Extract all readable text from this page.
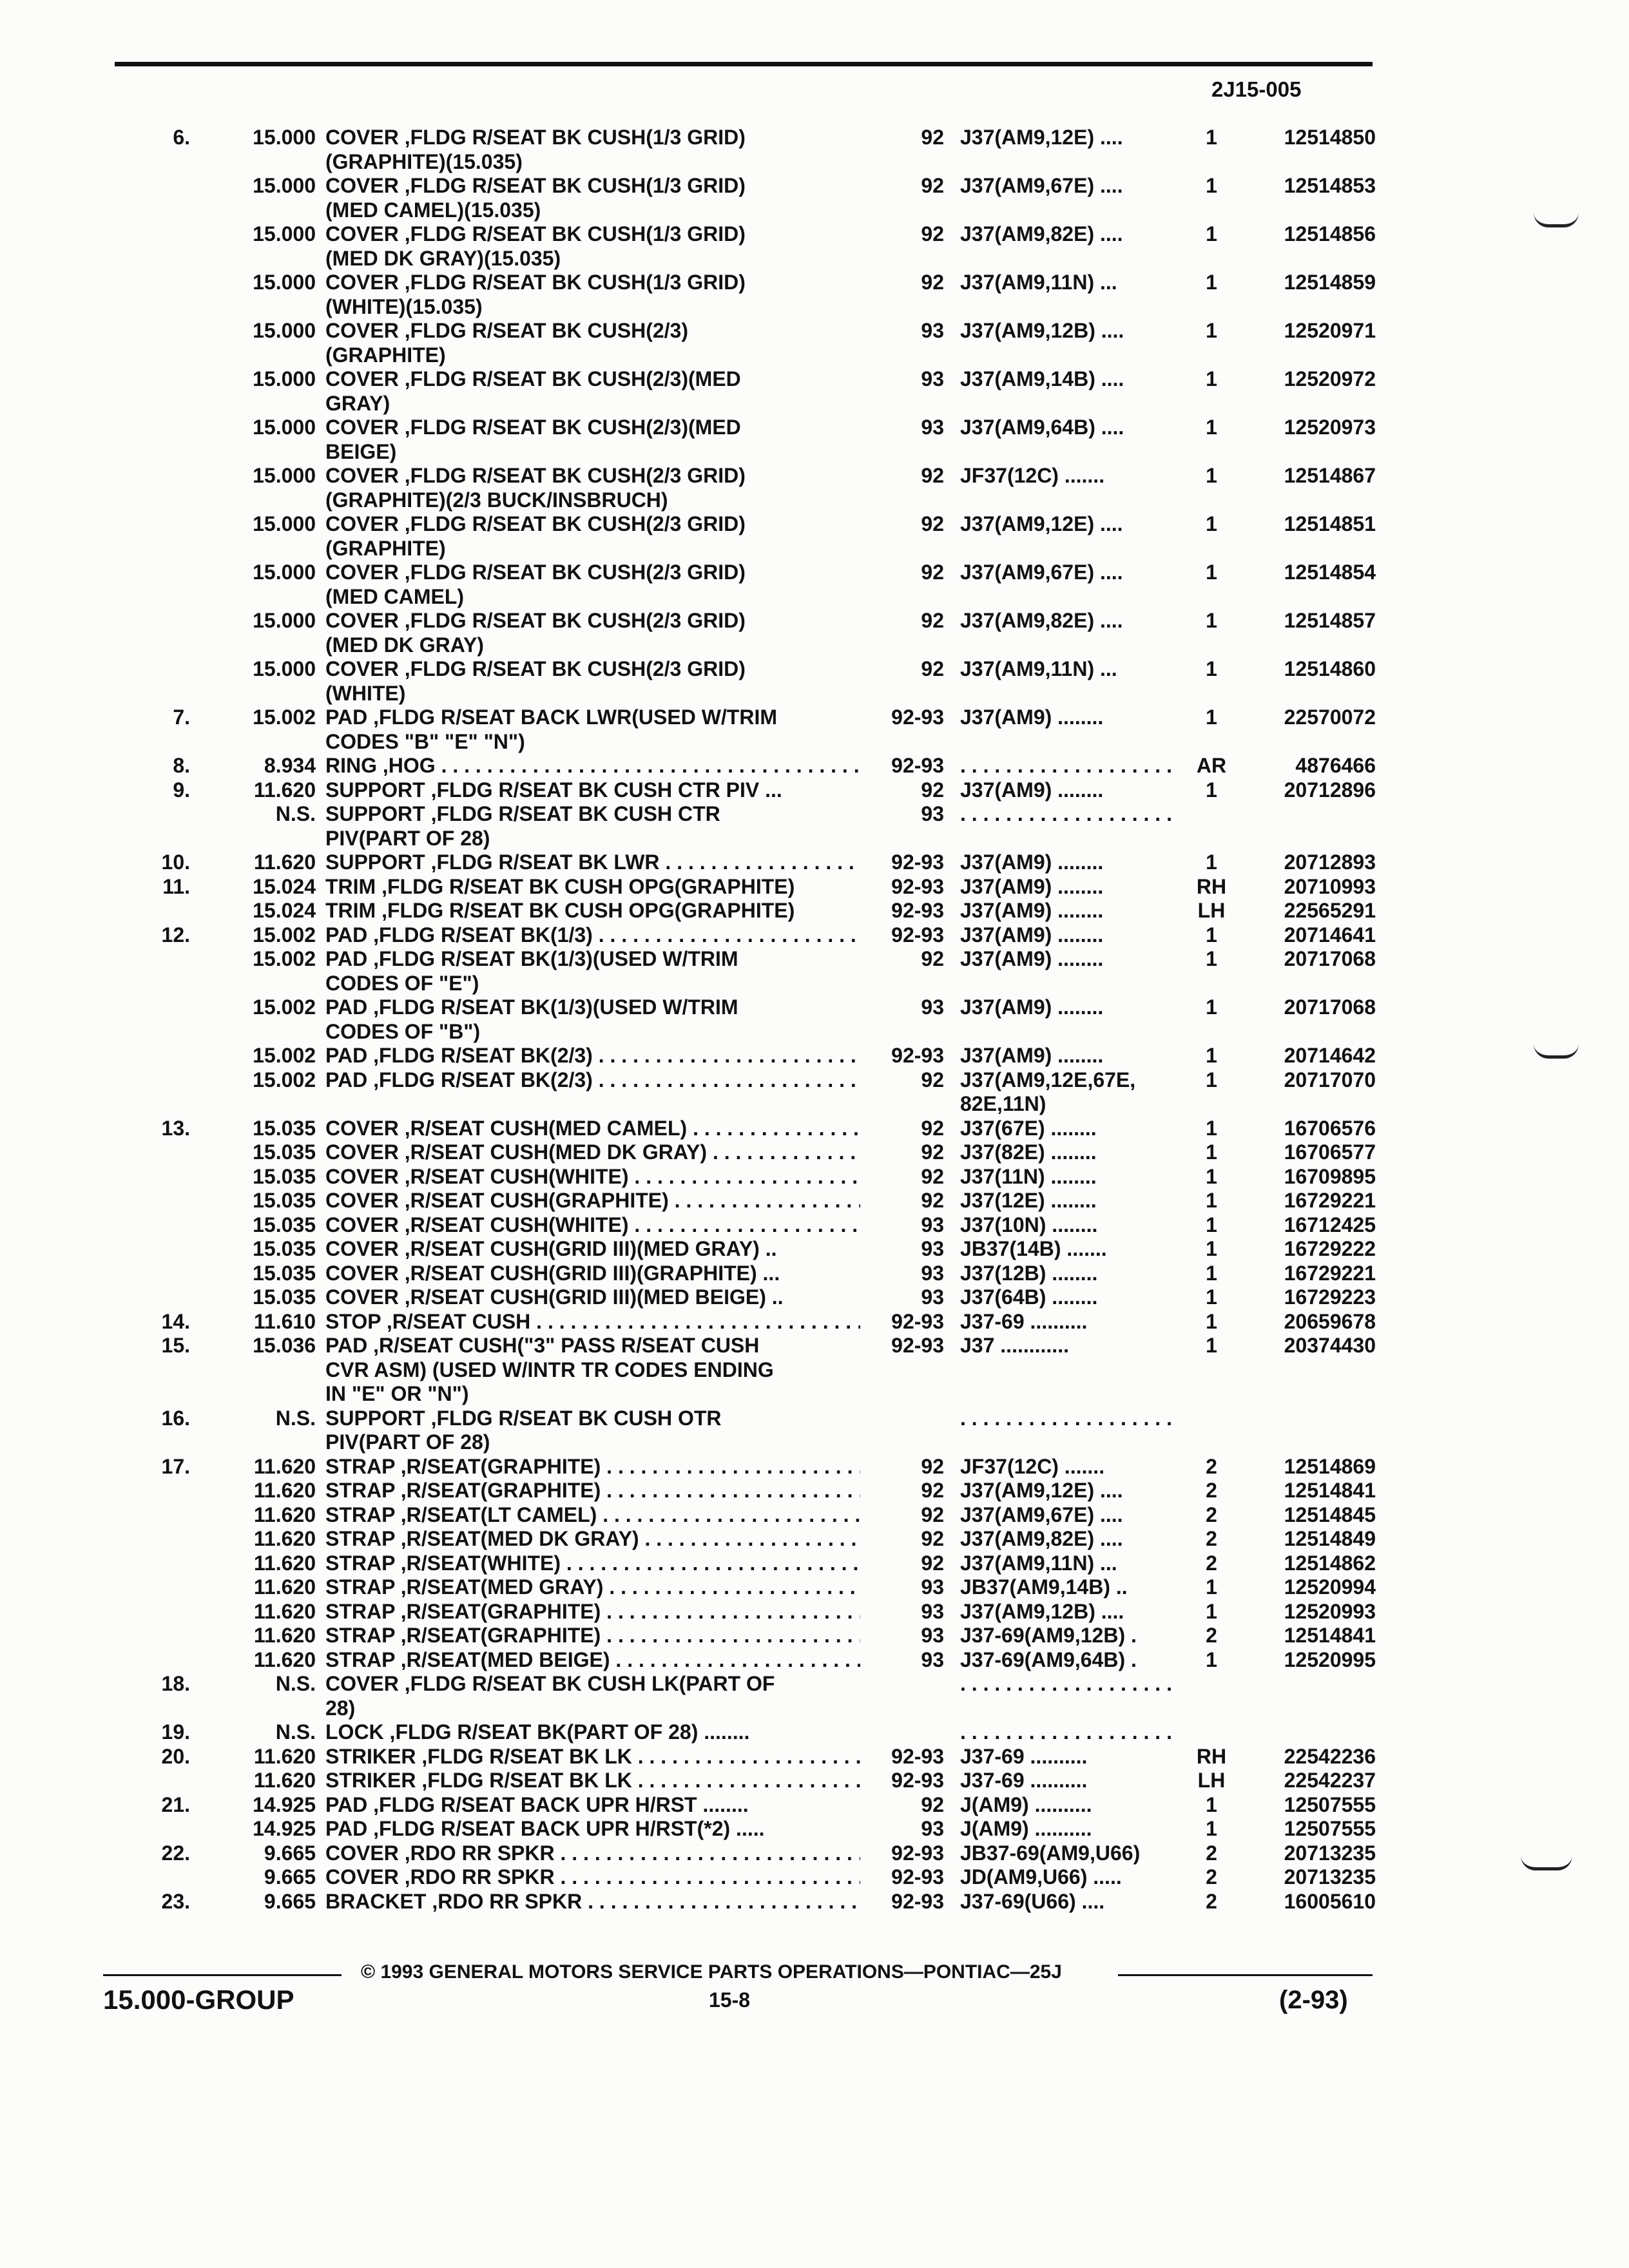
2J15-005
6.	15.000 COVER ,FLDG R/SEAT BK CUSH(1/3 GRID)	92 J37(AM9,12E) ....	1	12514850
(GRAPHITE)(15.035)
15.000 COVER ,FLDG R/SEAT BK CUSH(1/3 GRID)	92 J37(AM9,67E) ....	1	12514853
(MED CAMEL)(15.035)
15.000 COVER ,FLDG R/SEAT BK CUSH(1/3 GRID)	92 J37(AM9,82E) ....	1	12514856
(MED DK GRAY)(15.035)
15.000 COVER ,FLDG R/SEAT BK CUSH(1/3 GRID)	92 J37(AM9,11N) ...	1	12514859
(WHITE)(15.035)
15.000 COVER ,FLDG R/SEAT BK CUSH(2/3)	93 J37(AM9,12B) ....	1	12520971
(GRAPHITE)
15.000 COVER ,FLDG R/SEAT BK CUSH(2/3)(MED	93 J37(AM9,14B) ....	1	12520972
GRAY)
15.000 COVER ,FLDG R/SEAT BK CUSH(2/3)(MED	93 J37(AM9,64B) ....	1	12520973
BEIGE)
15.000 COVER ,FLDG R/SEAT BK CUSH(2/3 GRID)	92 JF37(12C) .......	1	12514867
(GRAPHITE)(2/3 BUCK/INSBRUCH)
15.000 COVER ,FLDG R/SEAT BK CUSH(2/3 GRID)	92 J37(AM9,12E) ....	1	12514851
(GRAPHITE)
15.000 COVER ,FLDG R/SEAT BK CUSH(2/3 GRID)	92 J37(AM9,67E) ....	1	12514854
(MED CAMEL)
15.000 COVER ,FLDG R/SEAT BK CUSH(2/3 GRID)	92 J37(AM9,82E) ....	1	12514857
(MED DK GRAY)
15.000 COVER ,FLDG R/SEAT BK CUSH(2/3 GRID)	92 J37(AM9,11N) ...	1	12514860
(WHITE)
7.	15.002 PAD ,FLDG R/SEAT BACK LWR(USED W/TRIM	92-93 J37(AM9) ........	1	22570072
CODES "B" "E" "N")
8.	8.934 RING ,HOG . . .	92-93
. . .	AR	4876466
9.	11.620 SUPPORT ,FLDG R/SEAT BK CUSH CTR PIV ...	92 J37(AM9) ........	1	20712896
N.S. SUPPORT ,FLDG R/SEAT BK CUSH CTR	93
. . .
PIV(PART OF 28)
10.	11.620 SUPPORT ,FLDG R/SEAT BK LWR . . .	92-93 J37(AM9) ........	1	20712893
11.	15.024 TRIM ,FLDG R/SEAT BK CUSH OPG(GRAPHITE)	92-93 J37(AM9) ........	RH	20710993
15.024 TRIM ,FLDG R/SEAT BK CUSH OPG(GRAPHITE)	92-93 J37(AM9) ........	LH	22565291
12.	15.002 PAD ,FLDG R/SEAT BK(1/3) . . .	92-93 J37(AM9) ........	1	20714641
15.002 PAD ,FLDG R/SEAT BK(1/3)(USED W/TRIM	92 J37(AM9) ........	1	20717068
CODES OF "E")
15.002 PAD ,FLDG R/SEAT BK(1/3)(USED W/TRIM	93 J37(AM9) ........	1	20717068
CODES OF "B")
15.002 PAD ,FLDG R/SEAT BK(2/3) . . .	92-93 J37(AM9) ........	1	20714642
15.002 PAD ,FLDG R/SEAT BK(2/3) . . .	92 J37(AM9,12E,67E,	1	20717070
82E,11N)
13.	15.035 COVER ,R/SEAT CUSH(MED CAMEL) . . .	92 J37(67E) ........	1	16706576
15.035 COVER ,R/SEAT CUSH(MED DK GRAY) . . .	92 J37(82E) ........	1	16706577
15.035 COVER ,R/SEAT CUSH(WHITE) . . .	92 J37(11N) ........	1	16709895
15.035 COVER ,R/SEAT CUSH(GRAPHITE) . . .	92 J37(12E) ........	1	16729221
15.035 COVER ,R/SEAT CUSH(WHITE) . . .	93 J37(10N) ........	1	16712425
15.035 COVER ,R/SEAT CUSH(GRID III)(MED GRAY) ..	93 JB37(14B) .......	1	16729222
15.035 COVER ,R/SEAT CUSH(GRID III)(GRAPHITE) ...	93 J37(12B) ........	1	16729221
15.035 COVER ,R/SEAT CUSH(GRID III)(MED BEIGE) ..	93 J37(64B) ........	1	16729223
14.	11.610 STOP ,R/SEAT CUSH . . .	92-93 J37-69 ..........	1	20659678
15.	15.036 PAD ,R/SEAT CUSH("3" PASS R/SEAT CUSH	92-93 J37 ............	1	20374430
CVR ASM) (USED W/INTR TR CODES ENDING
IN "E" OR "N")
16.	N.S. SUPPORT ,FLDG R/SEAT BK CUSH OTR
. . .
PIV(PART OF 28)
17.	11.620 STRAP ,R/SEAT(GRAPHITE) . . .	92 JF37(12C) .......	2	12514869
11.620 STRAP ,R/SEAT(GRAPHITE) . . .	92 J37(AM9,12E) ....	2	12514841
11.620 STRAP ,R/SEAT(LT CAMEL) . . .	92 J37(AM9,67E) ....	2	12514845
11.620 STRAP ,R/SEAT(MED DK GRAY) . . .	92 J37(AM9,82E) ....	2	12514849
11.620 STRAP ,R/SEAT(WHITE) . . .	92 J37(AM9,11N) ...	2	12514862
11.620 STRAP ,R/SEAT(MED GRAY) . . .	93 JB37(AM9,14B) ..	1	12520994
11.620 STRAP ,R/SEAT(GRAPHITE) . . .	93 J37(AM9,12B) ....	1	12520993
11.620 STRAP ,R/SEAT(GRAPHITE) . . .	93 J37-69(AM9,12B) .	2	12514841
11.620 STRAP ,R/SEAT(MED BEIGE) . . .	93 J37-69(AM9,64B) .	1	12520995
18.	N.S. COVER ,FLDG R/SEAT BK CUSH LK(PART OF
. . .
28)
19.	N.S. LOCK ,FLDG R/SEAT BK(PART OF 28) ........
. . .
20.	11.620 STRIKER ,FLDG R/SEAT BK LK . . .	92-93 J37-69 ..........	RH	22542236
11.620 STRIKER ,FLDG R/SEAT BK LK . . .	92-93 J37-69 ..........	LH	22542237
21.	14.925 PAD ,FLDG R/SEAT BACK UPR H/RST ........	92 J(AM9) ..........	1	12507555
14.925 PAD ,FLDG R/SEAT BACK UPR H/RST(*2) .....	93 J(AM9) ..........	1	12507555
22.	9.665 COVER ,RDO RR SPKR . . .	92-93 JB37-69(AM9,U66)	2	20713235
9.665 COVER ,RDO RR SPKR . . .	92-93 JD(AM9,U66) .....	2	20713235
23.	9.665 BRACKET ,RDO RR SPKR . . .	92-93 J37-69(U66) ....	2	16005610
© 1993 GENERAL MOTORS SERVICE PARTS OPERATIONS—PONTIAC—25J
15.000-GROUP	15-8	(2-93)
